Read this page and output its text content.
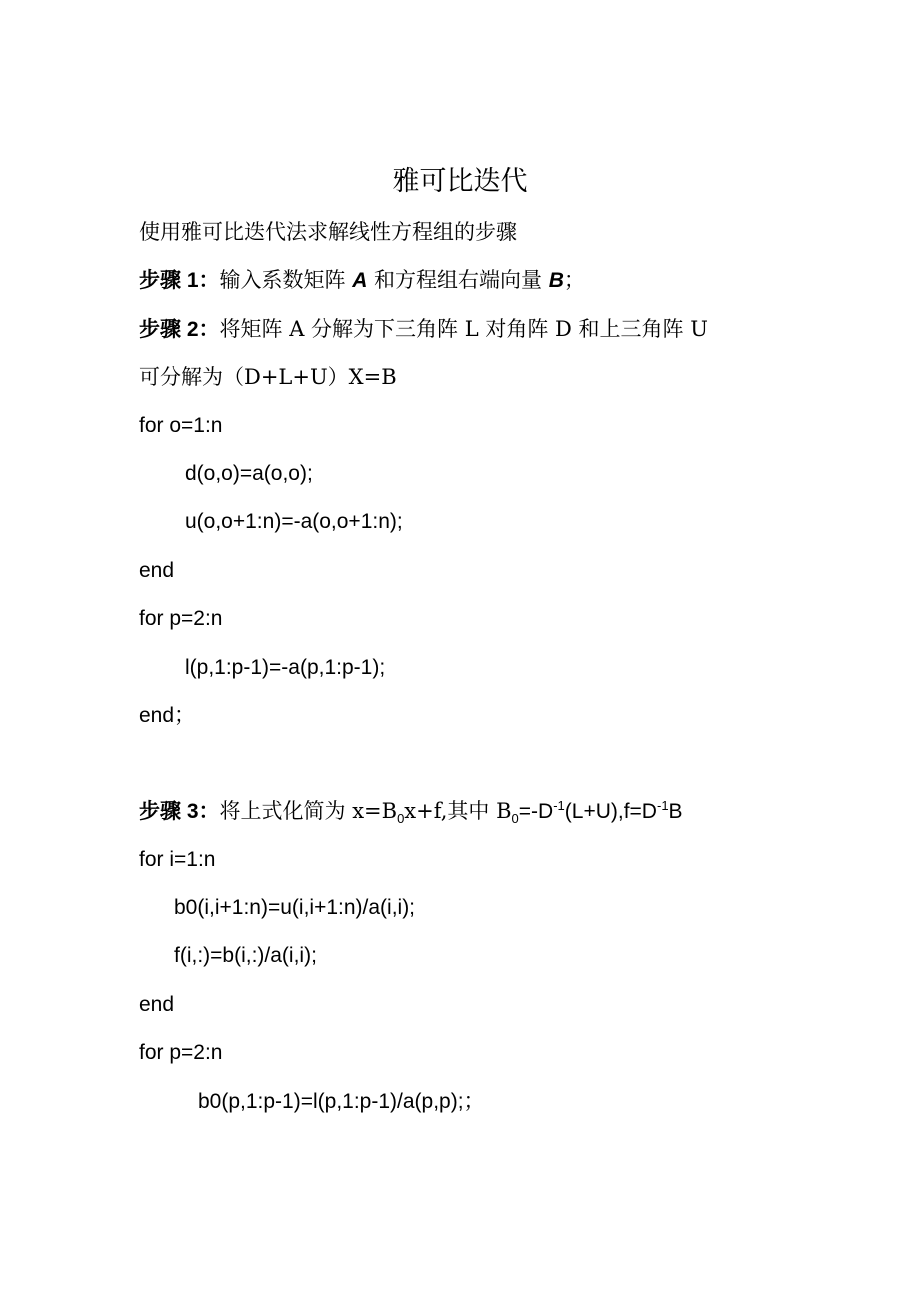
雅可比迭代
使用雅可比迭代法求解线性方程组的步骤
步骤 1：输入系数矩阵 A 和方程组右端向量 B；
步骤 2：将矩阵 A 分解为下三角阵 L 对角阵 D 和上三角阵 U
可分解为（D+L+U）X=B
for o=1:n
d(o,o)=a(o,o);
u(o,o+1:n)=-a(o,o+1:n);
end
for p=2:n
l(p,1:p-1)=-a(p,1:p-1);
end；
步骤 3：将上式化简为 $x=B_0x+f$,其中 $B_0=-D^{-1}(L+U),f=D^{-1}B$
for i=1:n
b0(i,i+1:n)=u(i,i+1:n)/a(i,i);
f(i,:)=b(i,:)/a(i,i);
end
for p=2:n
b0(p,1:p-1)=l(p,1:p-1)/a(p,p);；
